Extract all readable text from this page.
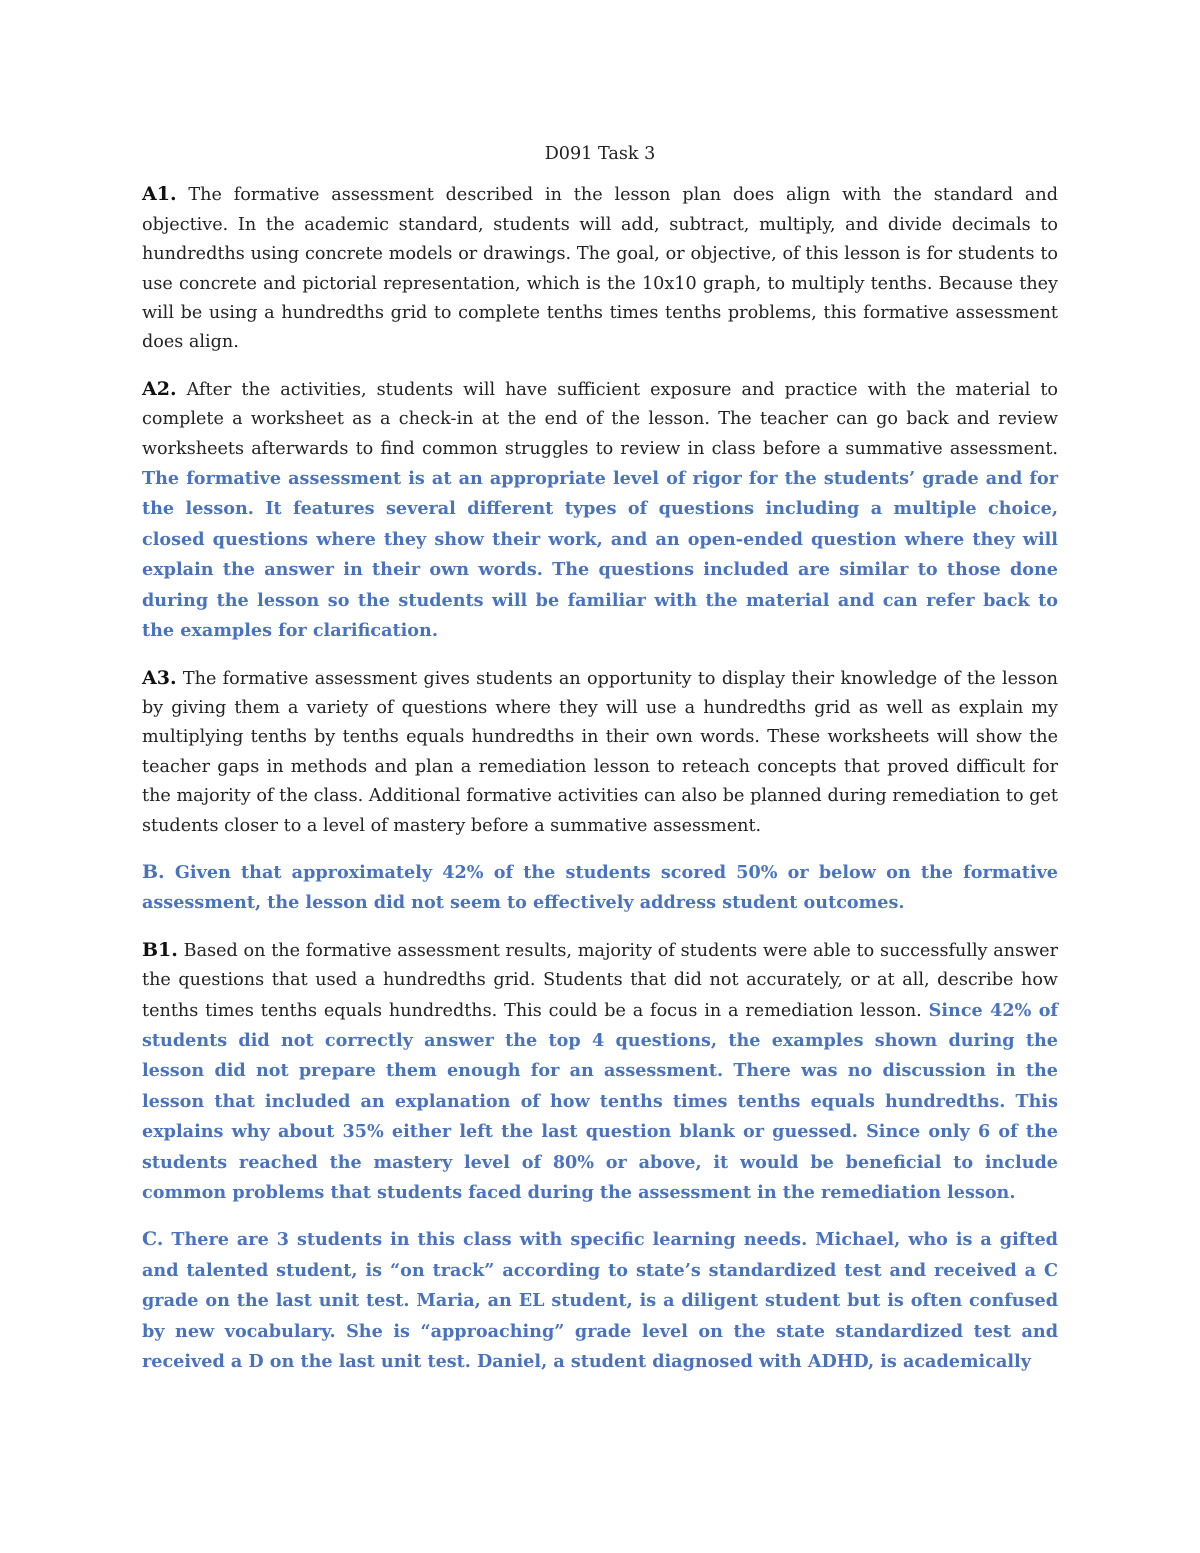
D091 Task 3

A1. The formative assessment described in the lesson plan does align with the standard and objective. In the academic standard, students will add, subtract, multiply, and divide decimals to hundredths using concrete models or drawings. The goal, or objective, of this lesson is for students to use concrete and pictorial representation, which is the 10x10 graph, to multiply tenths. Because they will be using a hundredths grid to complete tenths times tenths problems, this formative assessment does align.

A2. After the activities, students will have sufficient exposure and practice with the material to complete a worksheet as a check-in at the end of the lesson. The teacher can go back and review worksheets afterwards to find common struggles to review in class before a summative assessment. The formative assessment is at an appropriate level of rigor for the students’ grade and for the lesson. It features several different types of questions including a multiple choice, closed questions where they show their work, and an open-ended question where they will explain the answer in their own words. The questions included are similar to those done during the lesson so the students will be familiar with the material and can refer back to the examples for clarification.

A3. The formative assessment gives students an opportunity to display their knowledge of the lesson by giving them a variety of questions where they will use a hundredths grid as well as explain my multiplying tenths by tenths equals hundredths in their own words. These worksheets will show the teacher gaps in methods and plan a remediation lesson to reteach concepts that proved difficult for the majority of the class. Additional formative activities can also be planned during remediation to get students closer to a level of mastery before a summative assessment.

B. Given that approximately 42% of the students scored 50% or below on the formative assessment, the lesson did not seem to effectively address student outcomes.

B1. Based on the formative assessment results, majority of students were able to successfully answer the questions that used a hundredths grid. Students that did not accurately, or at all, describe how tenths times tenths equals hundredths. This could be a focus in a remediation lesson. Since 42% of students did not correctly answer the top 4 questions, the examples shown during the lesson did not prepare them enough for an assessment. There was no discussion in the lesson that included an explanation of how tenths times tenths equals hundredths. This explains why about 35% either left the last question blank or guessed. Since only 6 of the students reached the mastery level of 80% or above, it would be beneficial to include common problems that students faced during the assessment in the remediation lesson.

C. There are 3 students in this class with specific learning needs. Michael, who is a gifted and talented student, is “on track” according to state’s standardized test and received a C grade on the last unit test. Maria, an EL student, is a diligent student but is often confused by new vocabulary. She is “approaching” grade level on the state standardized test and received a D on the last unit test. Daniel, a student diagnosed with ADHD, is academically
